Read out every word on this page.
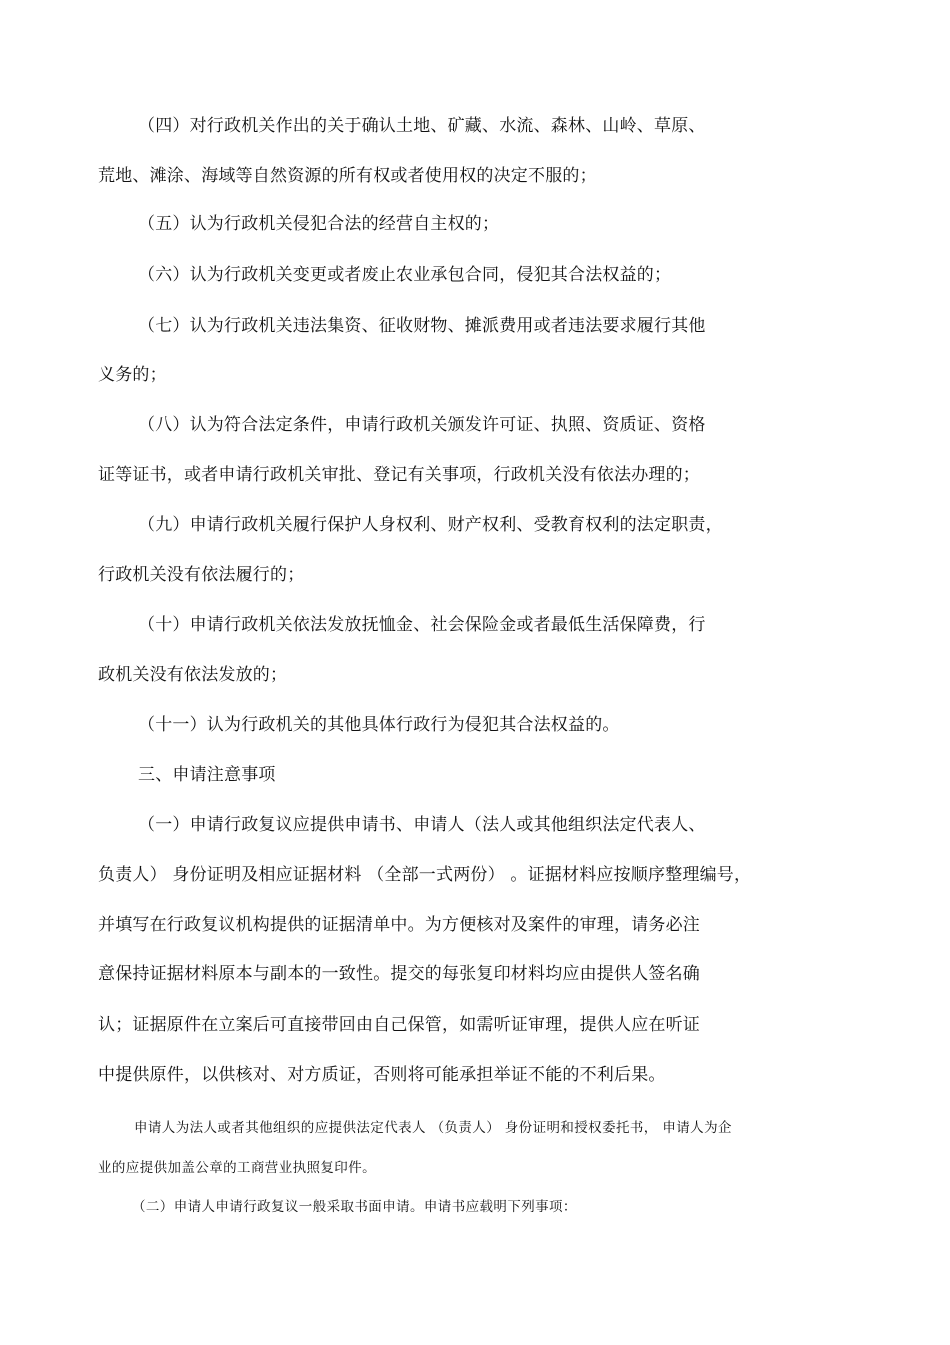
（四）对行政机关作出的关于确认土地、矿藏、水流、森林、山岭、草原、
荒地、滩涂、海域等自然资源的所有权或者使用权的决定不服的；
（五）认为行政机关侵犯合法的经营自主权的；
（六）认为行政机关变更或者废止农业承包合同，侵犯其合法权益的；
（七）认为行政机关违法集资、征收财物、摊派费用或者违法要求履行其他
义务的；
（八）认为符合法定条件，申请行政机关颁发许可证、执照、资质证、资格
证等证书，或者申请行政机关审批、登记有关事项，行政机关没有依法办理的；
（九）申请行政机关履行保护人身权利、财产权利、受教育权利的法定职责，
行政机关没有依法履行的；
（十）申请行政机关依法发放抚恤金、社会保险金或者最低生活保障费，行
政机关没有依法发放的；
（十一）认为行政机关的其他具体行政行为侵犯其合法权益的。
三、申请注意事项
（一）申请行政复议应提供申请书、申请人（法人或其他组织法定代表人、
负责人） 身份证明及相应证据材料 （全部一式两份） 。证据材料应按顺序整理编号，
并填写在行政复议机构提供的证据清单中。为方便核对及案件的审理，请务必注
意保持证据材料原本与副本的一致性。提交的每张复印材料均应由提供人签名确
认；证据原件在立案后可直接带回由自己保管，如需听证审理，提供人应在听证
中提供原件，以供核对、对方质证，否则将可能承担举证不能的不利后果。
申请人为法人或者其他组织的应提供法定代表人 （负责人） 身份证明和授权委托书， 申请人为企
业的应提供加盖公章的工商营业执照复印件。
（二）申请人申请行政复议一般采取书面申请。申请书应载明下列事项：
